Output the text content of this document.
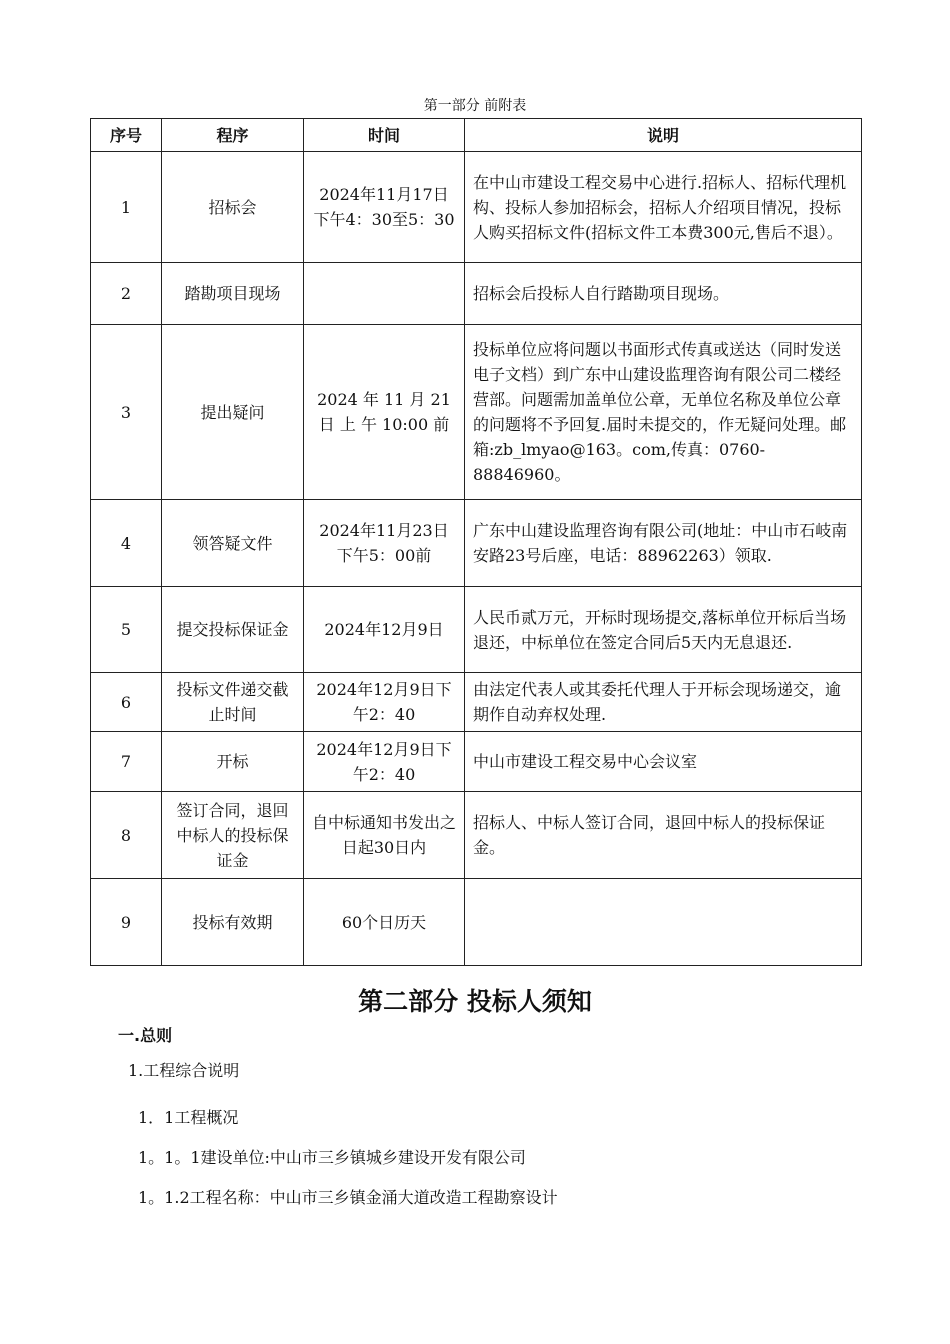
第一部分 前附表
序号	程序	时间	说明
1	招标会	2024年11月17日下午4：30至5：30	在中山市建设工程交易中心进行.招标人、招标代理机构、投标人参加招标会，招标人介绍项目情况，投标人购买招标文件(招标文件工本费300元,售后不退）。
2	踏勘项目现场		招标会后投标人自行踏勘项目现场。
3	提出疑问	2024 年 11 月 21 日 上 午 10:00 前	投标单位应将问题以书面形式传真或送达（同时发送电子文档）到广东中山建设监理咨询有限公司二楼经营部。问题需加盖单位公章，无单位名称及单位公章的问题将不予回复.届时未提交的，作无疑问处理。邮箱:zb_lmyao@163。com,传真：0760-88846960。
4	领答疑文件	2024年11月23日下午5：00前	广东中山建设监理咨询有限公司(地址：中山市石岐南安路23号后座，电话：88962263）领取.
5	提交投标保证金	2024年12月9日	人民币贰万元，开标时现场提交,落标单位开标后当场退还，中标单位在签定合同后5天内无息退还.
6	投标文件递交截止时间	2024年12月9日下午2：40	由法定代表人或其委托代理人于开标会现场递交，逾期作自动弃权处理.
7	开标	2024年12月9日下午2：40	中山市建设工程交易中心会议室
8	签订合同，退回中标人的投标保证金	自中标通知书发出之日起30日内	招标人、中标人签订合同，退回中标人的投标保证金。
9	投标有效期	60个日历天	
第二部分 投标人须知
一.总则
1.工程综合说明
1．1工程概况
1。1。1建设单位:中山市三乡镇城乡建设开发有限公司
1。1.2工程名称：中山市三乡镇金涌大道改造工程勘察设计
